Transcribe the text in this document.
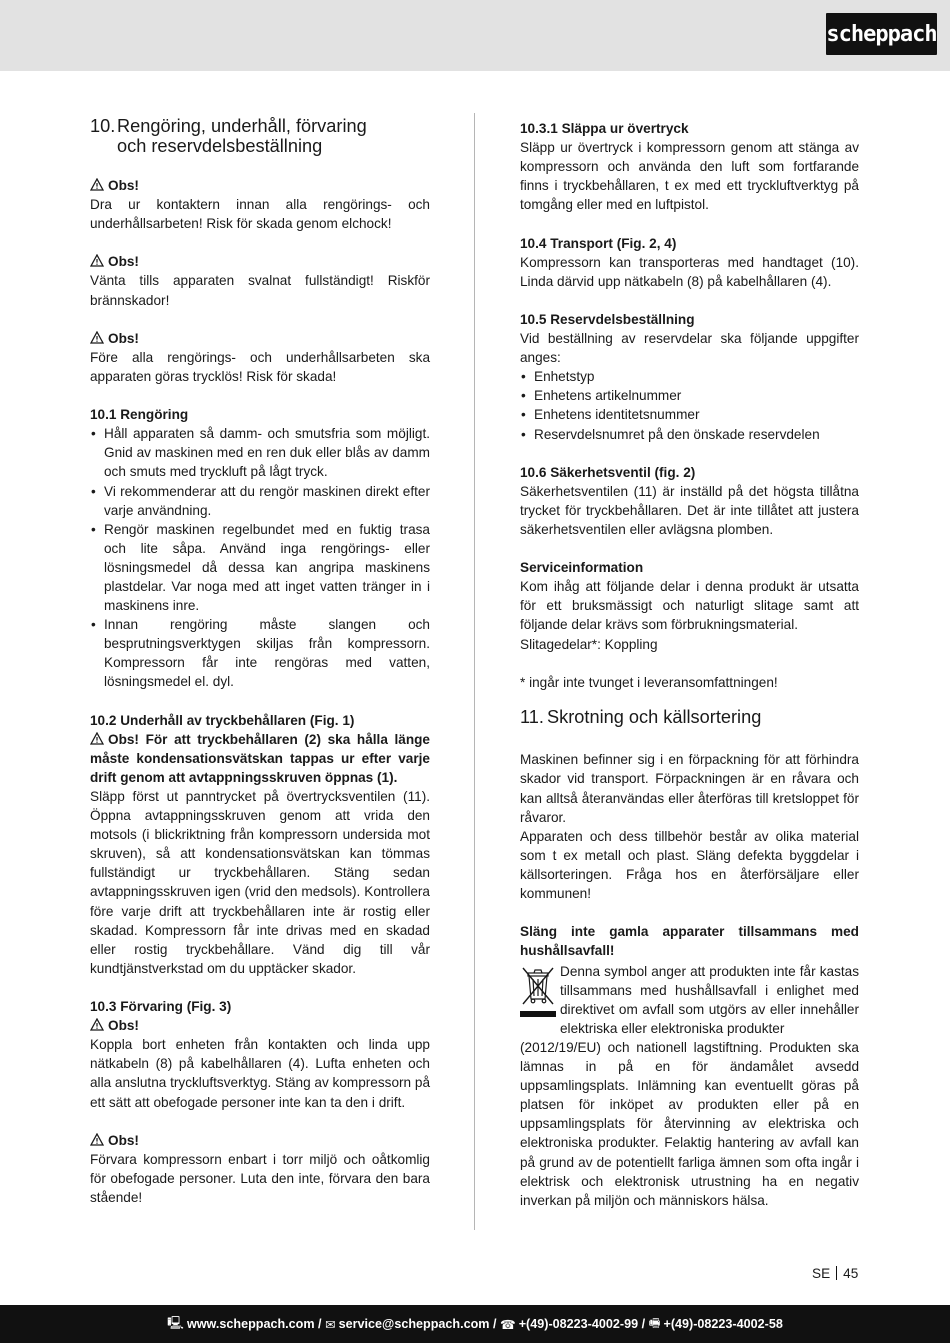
scheppach
10. Rengöring, underhåll, förvaring
och reservdelsbeställning
Obs!
Dra ur kontaktern innan alla rengörings- och underhållsarbeten! Risk för skada genom elchock!
Obs!
Vänta tills apparaten svalnat fullständigt! Riskför brännskador!
Obs!
Före alla rengörings- och underhållsarbeten ska apparaten göras trycklös! Risk för skada!
10.1 Rengöring
• Håll apparaten så damm- och smutsfria som möjligt. Gnid av maskinen med en ren duk eller blås av damm och smuts med tryckluft på lågt tryck.
• Vi rekommenderar att du rengör maskinen direkt efter varje användning.
• Rengör maskinen regelbundet med en fuktig trasa och lite såpa. Använd inga rengörings- eller lösningsmedel då dessa kan angripa maskinens plastdelar. Var noga med att inget vatten tränger in i maskinens inre.
• Innan rengöring måste slangen och besprutningsverktygen skiljas från kompressorn. Kompressorn får inte rengöras med vatten, lösningsmedel el. dyl.
10.2 Underhåll av tryckbehållaren (Fig. 1)
Obs! För att tryckbehållaren (2) ska hålla länge måste kondensationsvätskan tappas ur efter varje drift genom att avtappningsskruven öppnas (1).
Släpp först ut panntrycket på övertrycksventilen (11). Öppna avtappningsskruven genom att vrida den motsols (i blickriktning från kompressorn undersida mot skruven), så att kondensationsvätskan kan tömmas fullständigt ur tryckbehållaren. Stäng sedan avtappningsskruven igen (vrid den medsols). Kontrollera före varje drift att tryckbehållaren inte är rostig eller skadad. Kompressorn får inte drivas med en skadad eller rostig tryckbehållare. Vänd dig till vår kundtjänstverkstad om du upptäcker skador.
10.3 Förvaring (Fig. 3)
Obs!
Koppla bort enheten från kontakten och linda upp nätkabeln (8) på kabelhållaren (4). Lufta enheten och alla anslutna tryckluftsverktyg. Stäng av kompressorn på ett sätt att obefogade personer inte kan ta den i drift.
Obs!
Förvara kompressorn enbart i torr miljö och oåtkomlig för obefogade personer. Luta den inte, förvara den bara stående!
10.3.1 Släppa ur övertryck
Släpp ur övertryck i kompressorn genom att stänga av kompressorn och använda den luft som fortfarande finns i tryckbehållaren, t ex med ett tryckluftverktyg på tomgång eller med en luftpistol.
10.4 Transport (Fig. 2, 4)
Kompressorn kan transporteras med handtaget (10). Linda därvid upp nätkabeln (8) på kabelhållaren (4).
10.5 Reservdelsbeställning
Vid beställning av reservdelar ska följande uppgifter anges:
• Enhetstyp
• Enhetens artikelnummer
• Enhetens identitetsnummer
• Reservdelsnumret på den önskade reservdelen
10.6 Säkerhetsventil (fig. 2)
Säkerhetsventilen (11) är inställd på det högsta tillåtna trycket för tryckbehållaren. Det är inte tillåtet att justera säkerhetsventilen eller avlägsna plomben.
Serviceinformation
Kom ihåg att följande delar i denna produkt är utsatta för ett bruksmässigt och naturligt slitage samt att följande delar krävs som förbrukningsmaterial.
Slitagedelar*: Koppling
* ingår inte tvunget i leveransomfattningen!
11. Skrotning och källsortering
Maskinen befinner sig i en förpackning för att förhindra skador vid transport. Förpackningen är en råvara och kan alltså återanvändas eller återföras till kretsloppet för råvaror.
Apparaten och dess tillbehör består av olika material som t ex metall och plast. Släng defekta byggdelar i källsorteringen. Fråga hos en återförsäljare eller kommunen!
Släng inte gamla apparater tillsammans med hushållsavfall!
Denna symbol anger att produkten inte får kastas tillsammans med hushållsavfall i enlighet med direktivet om avfall som utgörs av eller innehåller elektriska eller elektroniska produkter
(2012/19/EU) och nationell lagstiftning. Produkten ska lämnas in på en för ändamålet avsedd uppsamlingsplats. Inlämning kan eventuellt göras på platsen för inköpet av produkten eller på en uppsamlingsplats för återvinning av elektriska och elektroniska produkter. Felaktig hantering av avfall kan på grund av de potentiellt farliga ämnen som ofta ingår i elektrisk och elektronisk utrustning ha en negativ inverkan på miljön och människors hälsa.
SE 45
🖳︎ www.scheppach.com /
✉︎ service@scheppach.com /
☎︎ +(49)-08223-4002-99 /
🖷︎ +(49)-08223-4002-58
